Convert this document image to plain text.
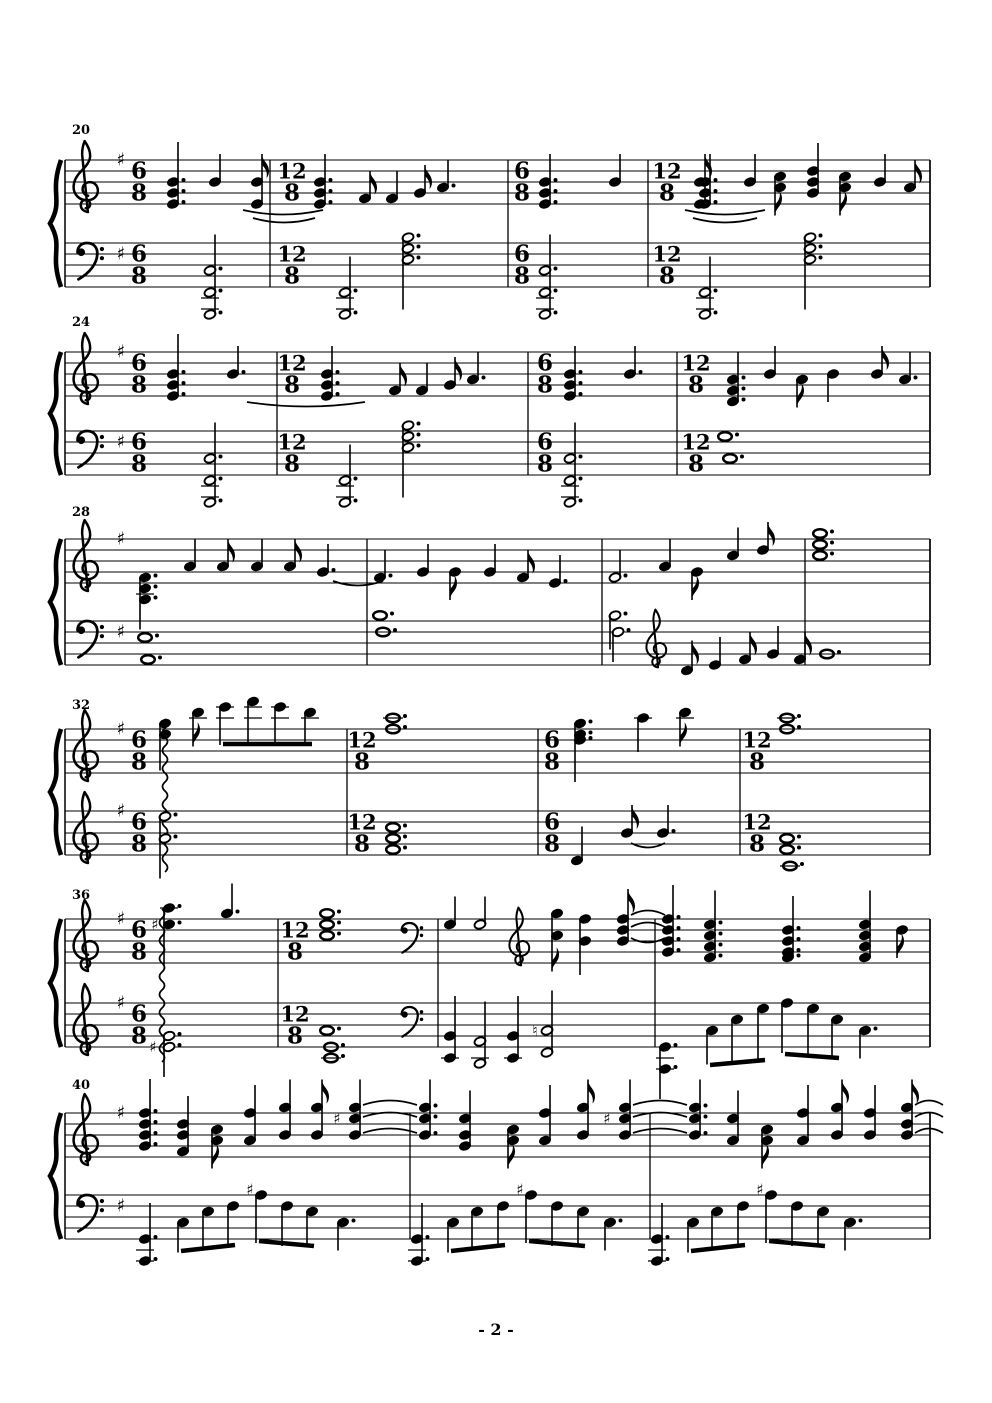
♯
♯
6
8
6
8
12
8
12
8
6
8
6
8
12
8
12
8
♯
♯
6
8
6
8
12
8
12
8
6
8
6
8
12
8
12
8
♯
♯
♯
♯
6
8
6
8
12
8
12
8
6
8
6
8
12
8
12
8
♯
♯
6
8
6
8
12
8
12
8
♯
♯
♮
♯
♯
♯	♯
♯	♯	♯
20
24
28
32
36
40
- 2 -
